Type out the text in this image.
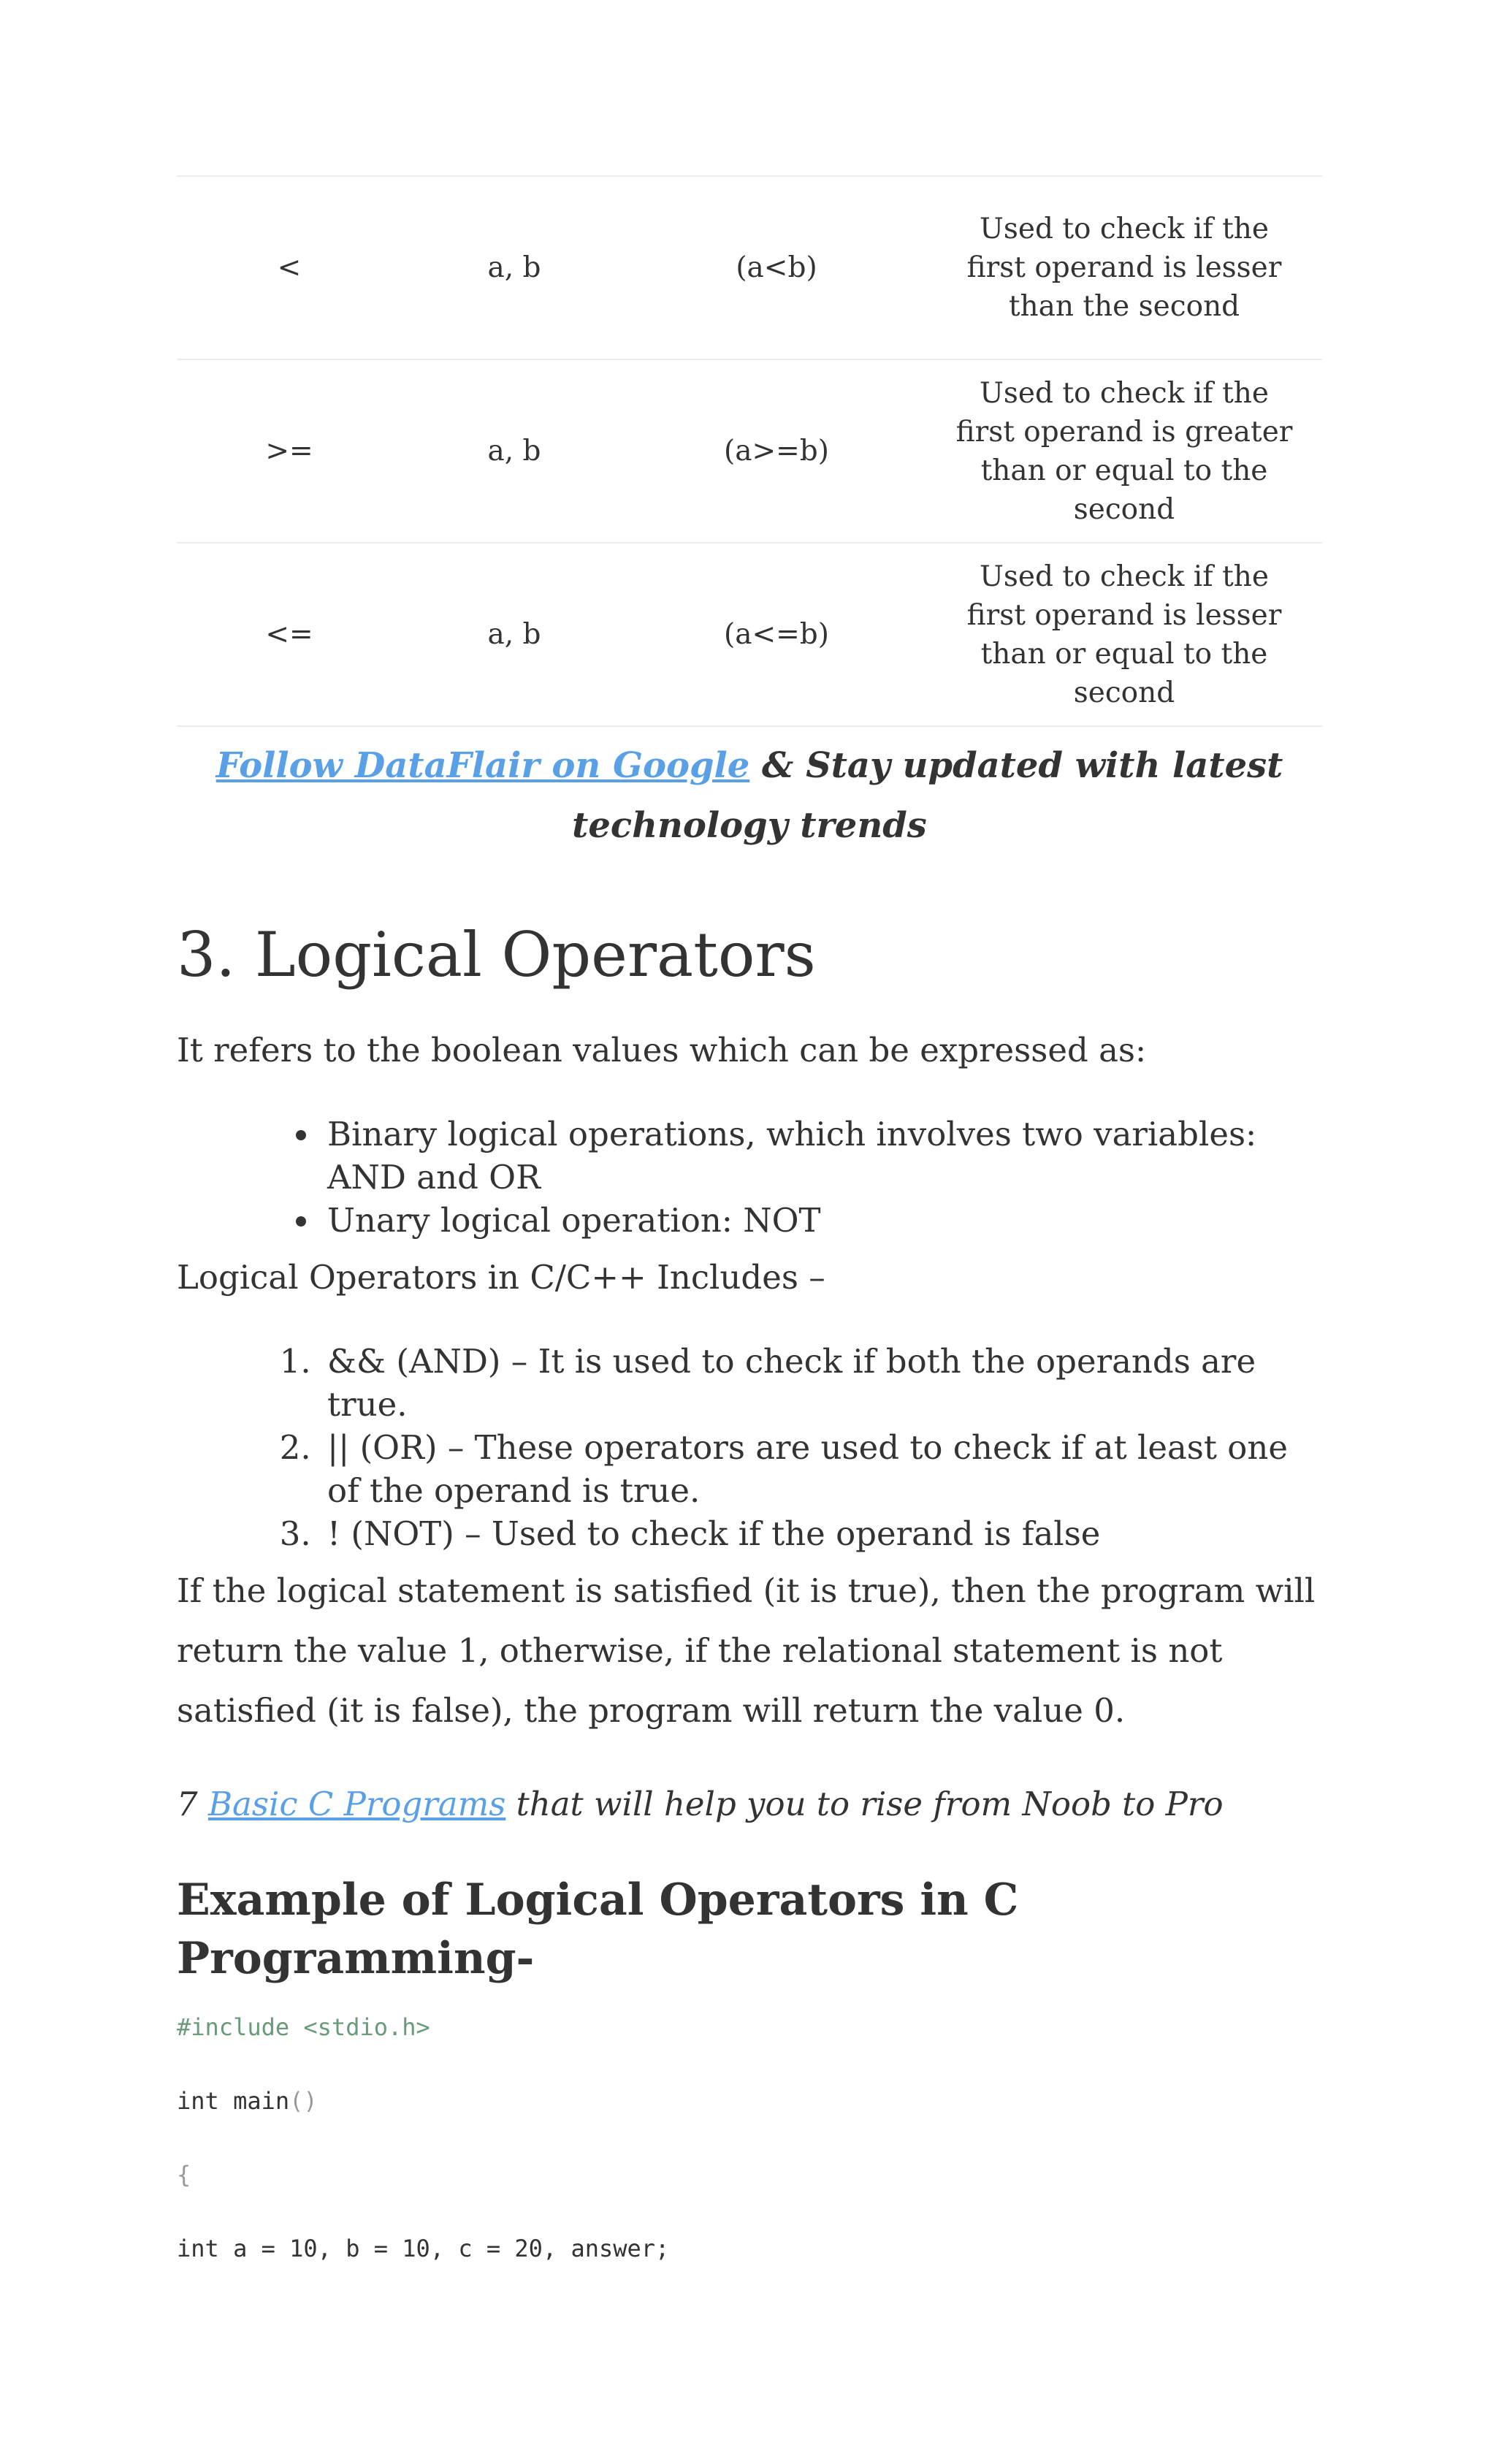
<	a, b	(a<b)	Used to check if the first operand is lesser than the second
>=	a, b	(a>=b)	Used to check if the first operand is greater than or equal to the second
<=	a, b	(a<=b)	Used to check if the first operand is lesser than or equal to the second
Follow DataFlair on Google & Stay updated with latest technology trends
3. Logical Operators

It refers to the boolean values which can be expressed as:

• Binary logical operations, which involves two variables: AND and OR
• Unary logical operation: NOT

Logical Operators in C/C++ Includes –

1. && (AND) – It is used to check if both the operands are true.
2. || (OR) – These operators are used to check if at least one of the operand is true.
3. ! (NOT) – Used to check if the operand is false

If the logical statement is satisfied (it is true), then the program will return the value 1, otherwise, if the relational statement is not satisfied (it is false), the program will return the value 0.

7 Basic C Programs that will help you to rise from Noob to Pro

Example of Logical Operators in C Programming-
#include <stdio.h>
int main()
{
int a = 10, b = 10, c = 20, answer;
